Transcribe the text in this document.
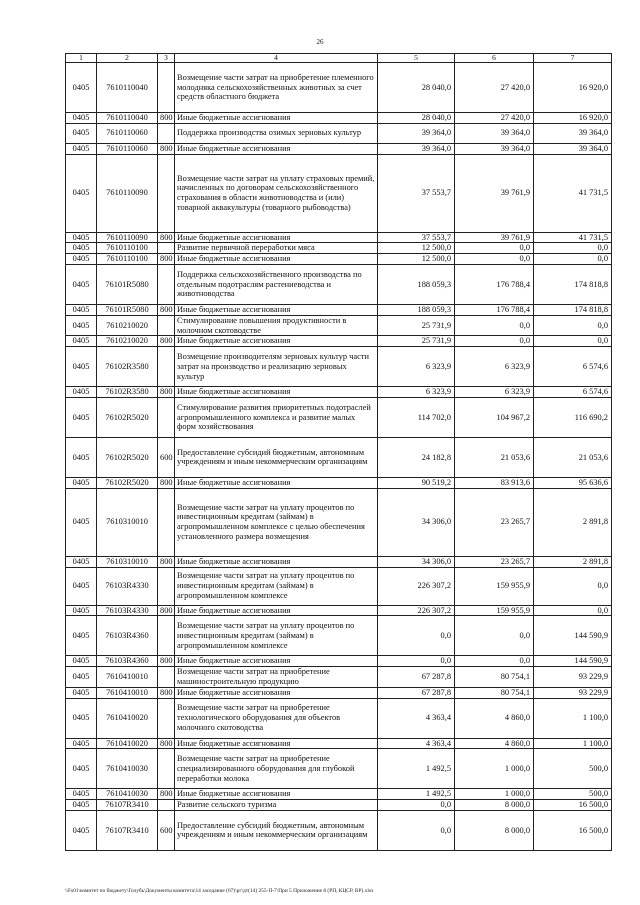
26
1	2	3	4	5	6	7
0405	7610110040		Возмещение части затрат на приобретение племенного молодняка сельскохозяйственных животных за счет средств областного бюджета	28 040,0	27 420,0	16 920,0
0405	7610110040	800	Иные бюджетные ассигнования	28 040,0	27 420,0	16 920,0
0405	7610110060		Поддержка производства озимых зерновых культур	39 364,0	39 364,0	39 364,0
0405	7610110060	800	Иные бюджетные ассигнования	39 364,0	39 364,0	39 364,0
0405	7610110090		Возмещение части затрат на уплату страховых премий, начисленных по договорам сельскохозяйственного страхования в области животноводства и (или) товарной аквакультуры (товарного рыбоводства)	37 553,7	39 761,9	41 731,5
0405	7610110090	800	Иные бюджетные ассигнования	37 553,7	39 761,9	41 731,5
0405	7610110100		Развитие первичной переработки мяса	12 500,0	0,0	0,0
0405	7610110100	800	Иные бюджетные ассигнования	12 500,0	0,0	0,0
0405	76101R5080		Поддержка сельскохозяйственного производства по отдельным подотраслям растениеводства и животноводства	188 059,3	176 788,4	174 818,8
0405	76101R5080	800	Иные бюджетные ассигнования	188 059,3	176 788,4	174 818,8
0405	7610210020		Стимулирование повышения продуктивности в молочном скотоводстве	25 731,9	0,0	0,0
0405	7610210020	800	Иные бюджетные ассигнования	25 731,9	0,0	0,0
0405	76102R3580		Возмещение производителям зерновых культур части затрат на производство и реализацию зерновых культур	6 323,9	6 323,9	6 574,6
0405	76102R3580	800	Иные бюджетные ассигнования	6 323,9	6 323,9	6 574,6
0405	76102R5020		Стимулирование развития приоритетных подотраслей агропромышленного комплекса и развитие малых форм хозяйствования	114 702,0	104 967,2	116 690,2
0405	76102R5020	600	Предоставление субсидий бюджетным, автономным учреждениям и иным некоммерческим организациям	24 182,8	21 053,6	21 053,6
0405	76102R5020	800	Иные бюджетные ассигнования	90 519,2	83 913,6	95 636,6
0405	7610310010		Возмещение части затрат на уплату процентов по инвестиционным кредитам (займам) в агропромышленном комплексе с целью обеспечения установленного размера возмещения	34 306,0	23 265,7	2 891,8
0405	7610310010	800	Иные бюджетные ассигнования	34 306,0	23 265,7	2 891,8
0405	76103R4330		Возмещение части затрат на уплату процентов по инвестиционным кредитам (займам) в агропромышленном комплексе	226 307,2	159 955,9	0,0
0405	76103R4330	800	Иные бюджетные ассигнования	226 307,2	159 955,9	0,0
0405	76103R4360		Возмещение части затрат на уплату процентов по инвестиционным кредитам (займам) в агропромышленном комплексе	0,0	0,0	144 590,9
0405	76103R4360	800	Иные бюджетные ассигнования	0,0	0,0	144 590,9
0405	7610410010		Возмещение части затрат на приобретение машиностроительную продукцию	67 287,8	80 754,1	93 229,9
0405	7610410010	800	Иные бюджетные ассигнования	67 287,8	80 754,1	93 229,9
0405	7610410020		Возмещение части затрат на приобретение технологического оборудования для объектов молочного скотоводства	4 363,4	4 860,0	1 100,0
0405	7610410020	800	Иные бюджетные ассигнования	4 363,4	4 860,0	1 100,0
0405	7610410030		Возмещение части затрат на приобретение специализированного оборудования для глубокой переработки молока	1 492,5	1 000,0	500,0
0405	7610410030	800	Иные бюджетные ассигнования	1 492,5	1 000,0	500,0
0405	76107R3410		Развитие сельского туризма	0,0	8 000,0	16 500,0
0405	76107R3410	600	Предоставление субсидий бюджетным, автономным учреждениям и иным некоммерческим организациям	0,0	8 000,0	16 500,0
\\Fs01\комитет по бюджету\Голубь\Документы комитета\14 заседание (07)\рг\дт(14) 255-П-7\При 5 Приложение 8 (РП, КЦСР, ВР).xlsx
